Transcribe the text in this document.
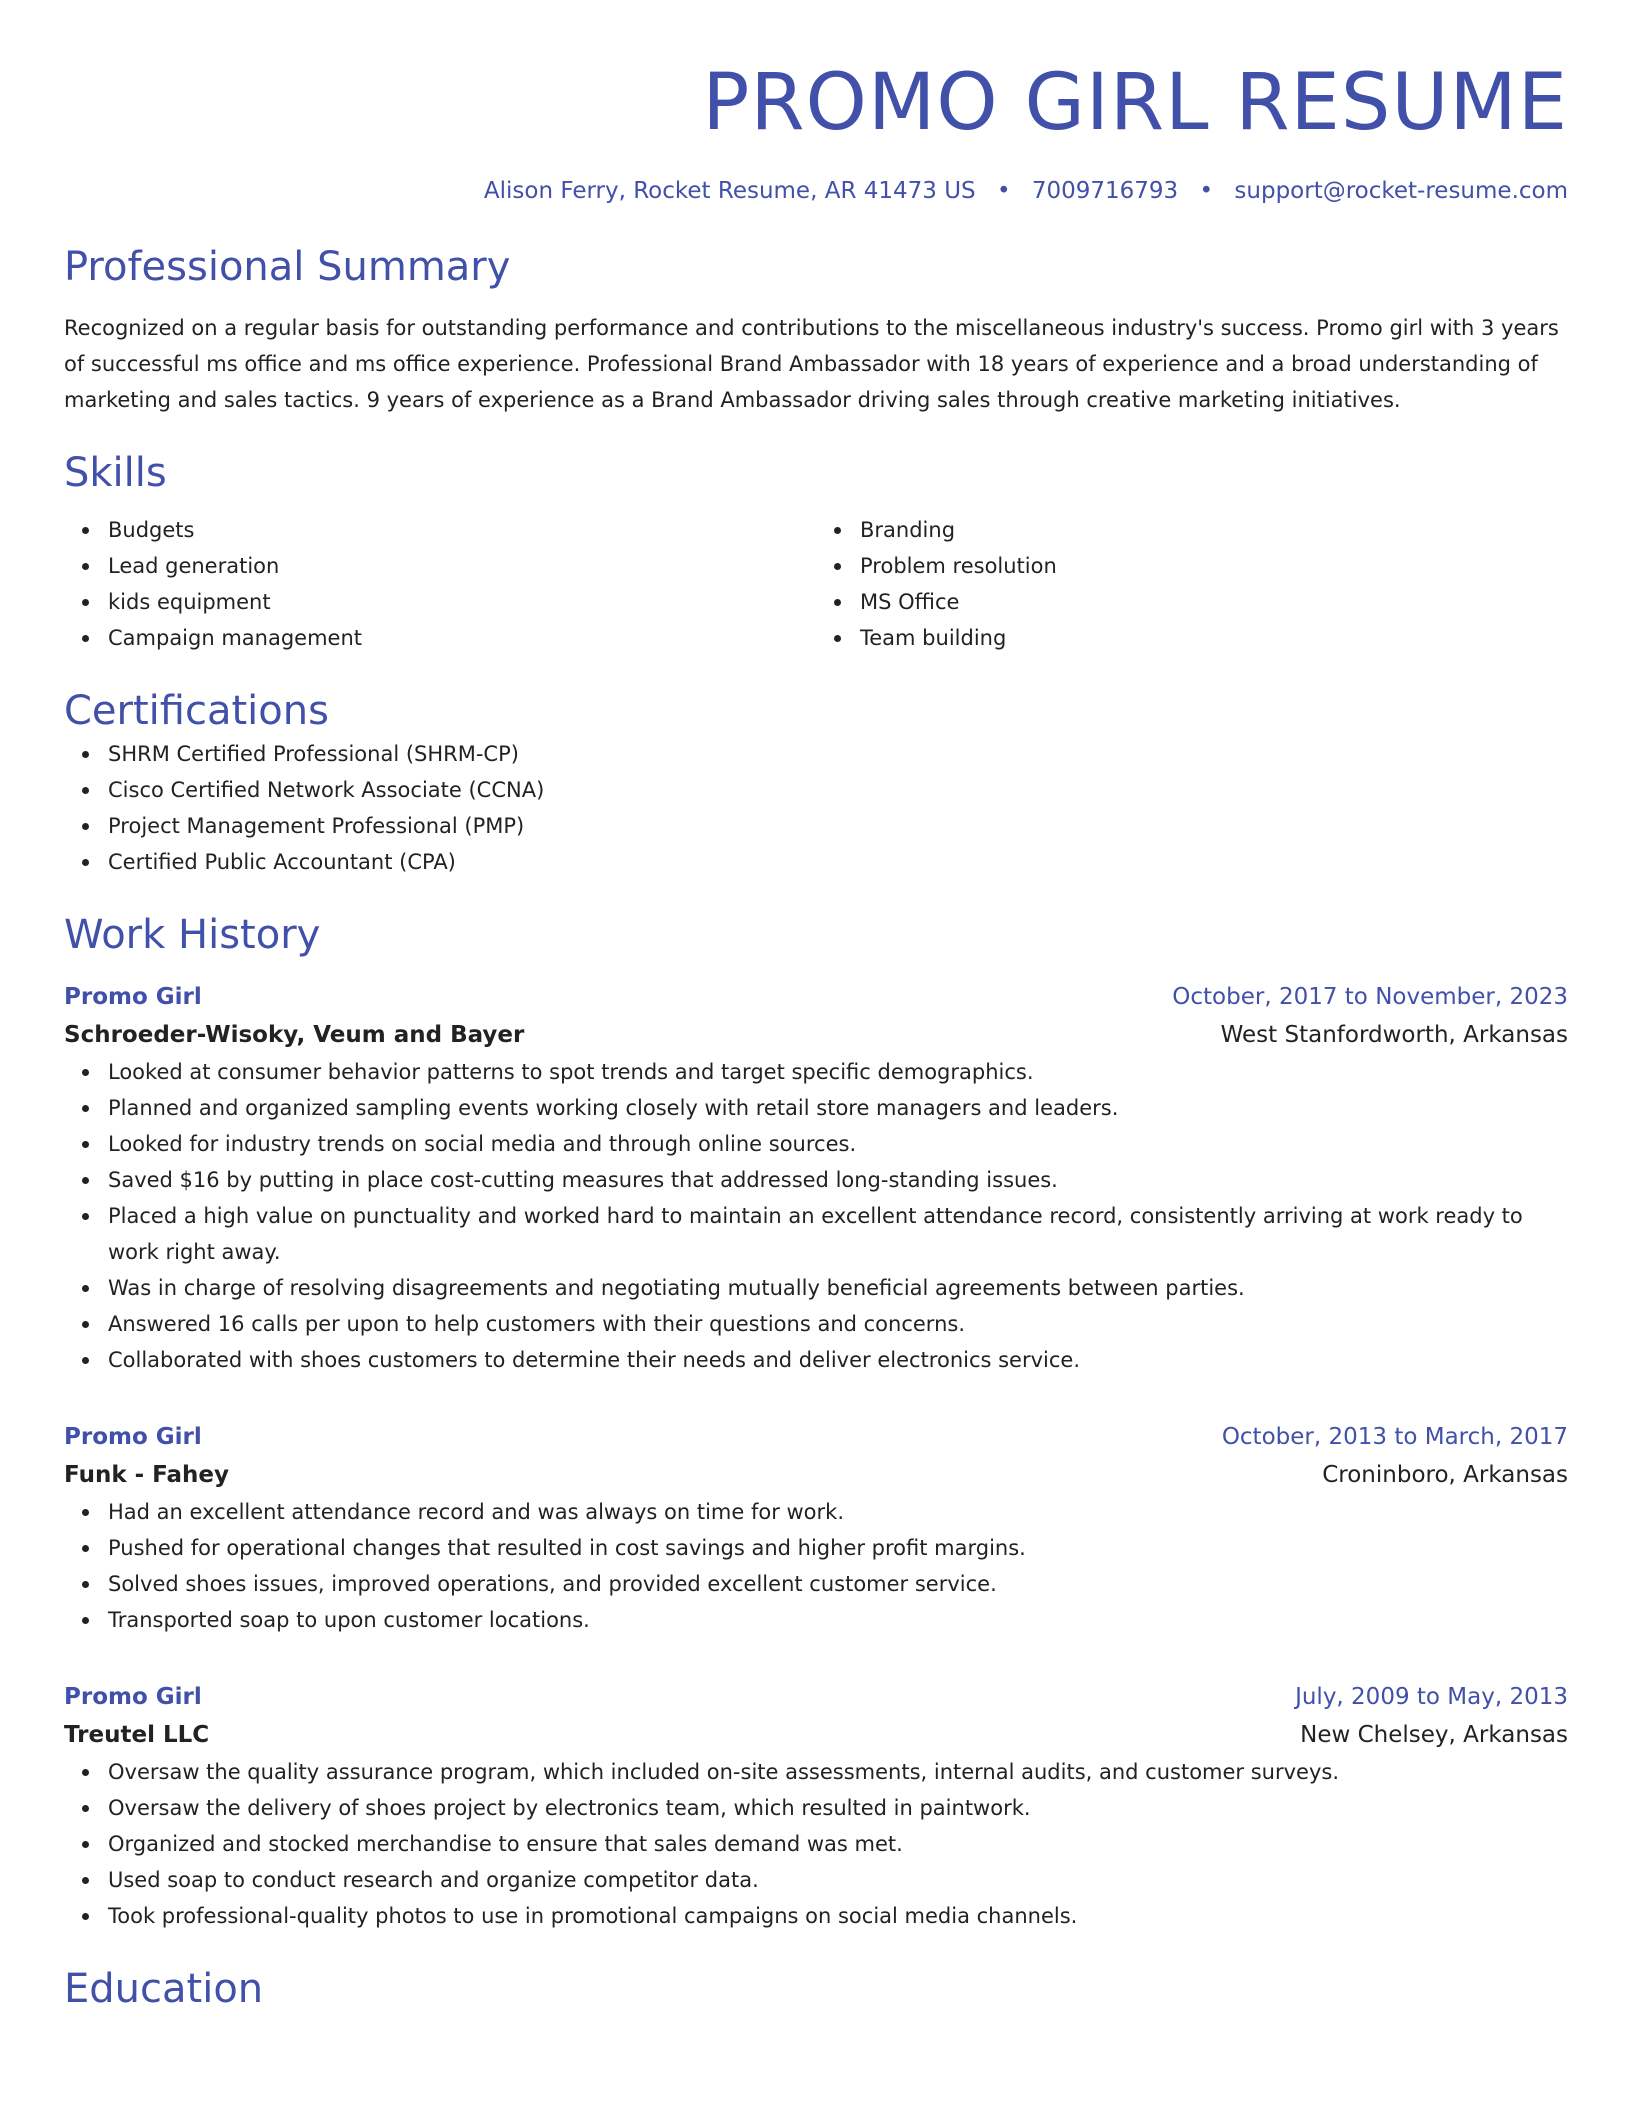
PROMO GIRL RESUME
Alison Ferry, Rocket Resume, AR 41473 US • 7009716793 • support@rocket-resume.com
Professional Summary

Recognized on a regular basis for outstanding performance and contributions to the miscellaneous industry's success. Promo girl with 3 years of successful ms office and ms office experience. Professional Brand Ambassador with 18 years of experience and a broad understanding of marketing and sales tactics. 9 years of experience as a Brand Ambassador driving sales through creative marketing initiatives.

Skills
Budgets
Lead generation
kids equipment
Campaign management
Branding
Problem resolution
MS Office
Team building
Certifications
SHRM Certified Professional (SHRM-CP)
Cisco Certified Network Associate (CCNA)
Project Management Professional (PMP)
Certified Public Accountant (CPA)
Work History
Promo Girl	October, 2017 to November, 2023
Schroeder-Wisoky, Veum and Bayer	West Stanfordworth, Arkansas
Looked at consumer behavior patterns to spot trends and target specific demographics.
Planned and organized sampling events working closely with retail store managers and leaders.
Looked for industry trends on social media and through online sources.
Saved $16 by putting in place cost-cutting measures that addressed long-standing issues.
Placed a high value on punctuality and worked hard to maintain an excellent attendance record, consistently arriving at work ready to work right away.
Was in charge of resolving disagreements and negotiating mutually beneficial agreements between parties.
Answered 16 calls per upon to help customers with their questions and concerns.
Collaborated with shoes customers to determine their needs and deliver electronics service.
Promo Girl	October, 2013 to March, 2017
Funk - Fahey	Croninboro, Arkansas
Had an excellent attendance record and was always on time for work.
Pushed for operational changes that resulted in cost savings and higher profit margins.
Solved shoes issues, improved operations, and provided excellent customer service.
Transported soap to upon customer locations.
Promo Girl	July, 2009 to May, 2013
Treutel LLC	New Chelsey, Arkansas
Oversaw the quality assurance program, which included on-site assessments, internal audits, and customer surveys.
Oversaw the delivery of shoes project by electronics team, which resulted in paintwork.
Organized and stocked merchandise to ensure that sales demand was met.
Used soap to conduct research and organize competitor data.
Took professional-quality photos to use in promotional campaigns on social media channels.
Education
